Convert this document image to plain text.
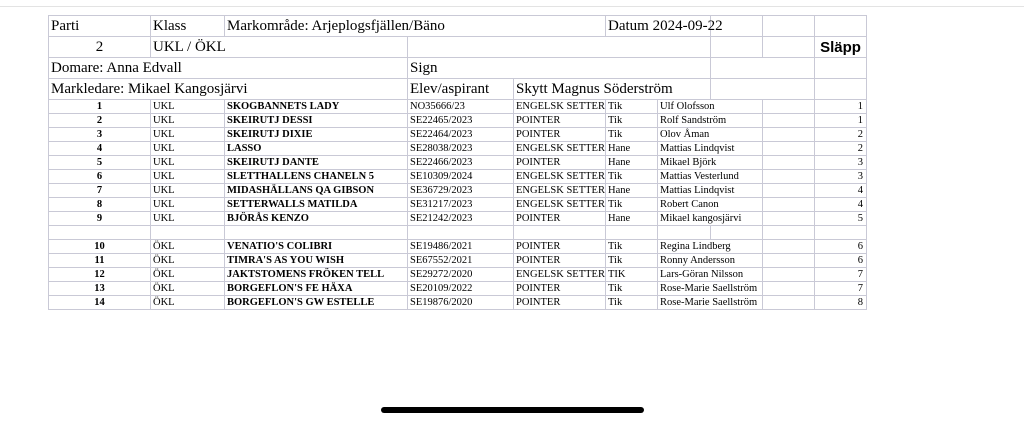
Parti	Klass	Markområde: Arjeplogsfjällen/Bäno			Datum 2024-09-22				
2	UKL / ÖKL								Släpp
Domare: Anna Edvall			Sign						
Markledare: Mikael Kangosjärvi			Elev/aspirant	Skytt Magnus Söderström					
1	UKL	SKOGBANNETS LADY	NO35666/23	ENGELSK SETTER	Tik	Ulf Olofsson			1
2	UKL	SKEIRUTJ DESSI	SE22465/2023	POINTER	Tik	Rolf Sandström			1
3	UKL	SKEIRUTJ DIXIE	SE22464/2023	POINTER	Tik	Olov Åman			2
4	UKL	LASSO	SE28038/2023	ENGELSK SETTER	Hane	Mattias Lindqvist			2
5	UKL	SKEIRUTJ DANTE	SE22466/2023	POINTER	Hane	Mikael Björk			3
6	UKL	SLETTHALLENS CHANELN 5	SE10309/2024	ENGELSK SETTER	Tik	Mattias Vesterlund			3
7	UKL	MIDASHÄLLANS QA GIBSON	SE36729/2023	ENGELSK SETTER	Hane	Mattias Lindqvist			4
8	UKL	SETTERWALLS MATILDA	SE31217/2023	ENGELSK SETTER	Tik	Robert Canon			4
9	UKL	BJÖRÅS KENZO	SE21242/2023	POINTER	Hane	Mikael kangosjärvi			5

10	ÖKL	VENATIO'S COLIBRI	SE19486/2021	POINTER	Tik	Regina Lindberg			6
11	ÖKL	TIMRA'S AS YOU WISH	SE67552/2021	POINTER	Tik	Ronny Andersson			6
12	ÖKL	JAKTSTOMENS FRÖKEN TELL	SE29272/2020	ENGELSK SETTER	TIK	Lars-Göran Nilsson			7
13	ÖKL	BORGEFLON'S FE HÄXA	SE20109/2022	POINTER	Tik	Rose-Marie Saellström			7
14	ÖKL	BORGEFLON'S GW ESTELLE	SE19876/2020	POINTER	Tik	Rose-Marie Saellström			8
